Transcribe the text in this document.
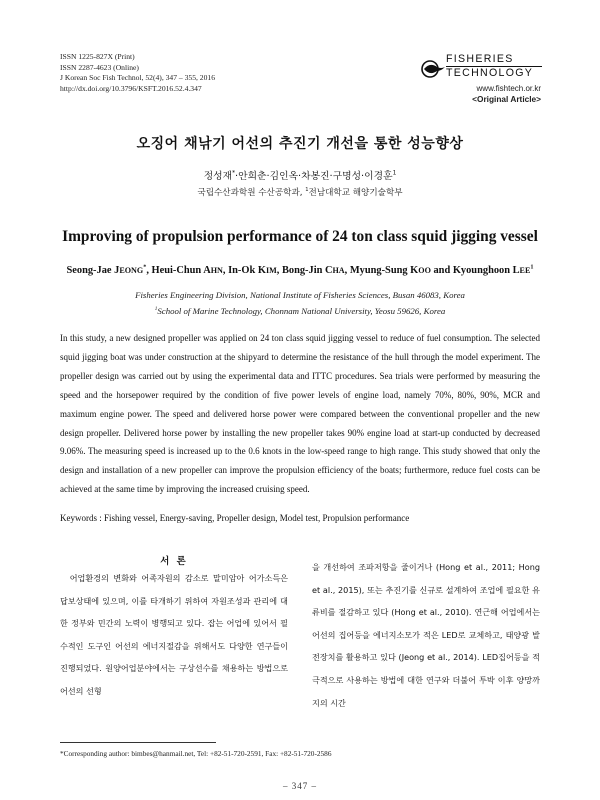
ISSN 1225-827X (Print)
ISSN 2287-4623 (Online)
J Korean Soc Fish Technol, 52(4), 347 – 355, 2016
http://dx.doi.org/10.3796/KSFT.2016.52.4.347
FISHERIES
TECHNOLOGY
www.fishtech.or.kr
<Original Article>
오징어 채낚기 어선의 추진기 개선을 통한 성능향상
정성재*·안희춘·김인옥·차봉진·구명성·이경훈$^1$
국립수산과학원 수산공학과, $^1$전남대학교 해양기술학부
Improving of propulsion performance of 24 ton class squid jigging vessel
Seong-Jae JEONG*, Heui-Chun AHN, In-Ok KIM, Bong-Jin CHA, Myung-Sung KOO and Kyounghoon LEE$^1$
Fisheries Engineering Division, National Institute of Fisheries Sciences, Busan 46083, Korea
$^1$School of Marine Technology, Chonnam National University, Yeosu 59626, Korea
In this study, a new designed propeller was applied on 24 ton class squid jigging vessel to reduce of fuel consumption. The selected squid jigging boat was under construction at the shipyard to determine the resistance of the hull through the model experiment. The propeller design was carried out by using the experimental data and ITTC procedures. Sea trials were performed by measuring the speed and the horsepower required by the condition of five power levels of engine load, namely 70%, 80%, 90%, MCR and maximum engine power. The speed and delivered horse power were compared between the conventional propeller and the new design propeller. Delivered horse power by installing the new propeller takes 90% engine load at start-up conducted by decreased 9.06%. The measuring speed is increased up to the 0.6 knots in the low-speed range to high range. This study showed that only the design and installation of a new propeller can improve the propulsion efficiency of the boats; furthermore, reduce fuel costs can be achieved at the same time by improving the increased cruising speed.
Keywords : Fishing vessel, Energy-saving, Propeller design, Model test, Propulsion performance
서 론
어업환경의 변화와 어족자원의 감소로 말미암아 어가소득은 답보상태에 있으며, 이를 타개하기 위하여 자원조성과 관리에 대한 정부와 민간의 노력이 병행되고 있다. 잡는 어업에 있어서 필수적인 도구인 어선의 에너지절감을 위해서도 다양한 연구들이 진행되었다. 원양어업분야에서는 구상선수를 채용하는 방법으로 어선의 선형
을 개선하여 조파저항을 줄이거나 (Hong et al., 2011; Hong et al., 2015), 또는 추진기를 신규로 설계하여 조업에 필요한 유류비를 절감하고 있다 (Hong et al., 2010). 연근해 어업에서는 어선의 집어등을 에너지소모가 적은 LED로 교체하고, 태양광 발전장치를 활용하고 있다 (Jeong et al., 2014). LED집어등을 적극적으로 사용하는 방법에 대한 연구와 더불어 투박 이후 양망까지의 시간
*Corresponding author: bimbes@hanmail.net, Tel: +82-51-720-2591, Fax: +82-51-720-2586
– 347 –
